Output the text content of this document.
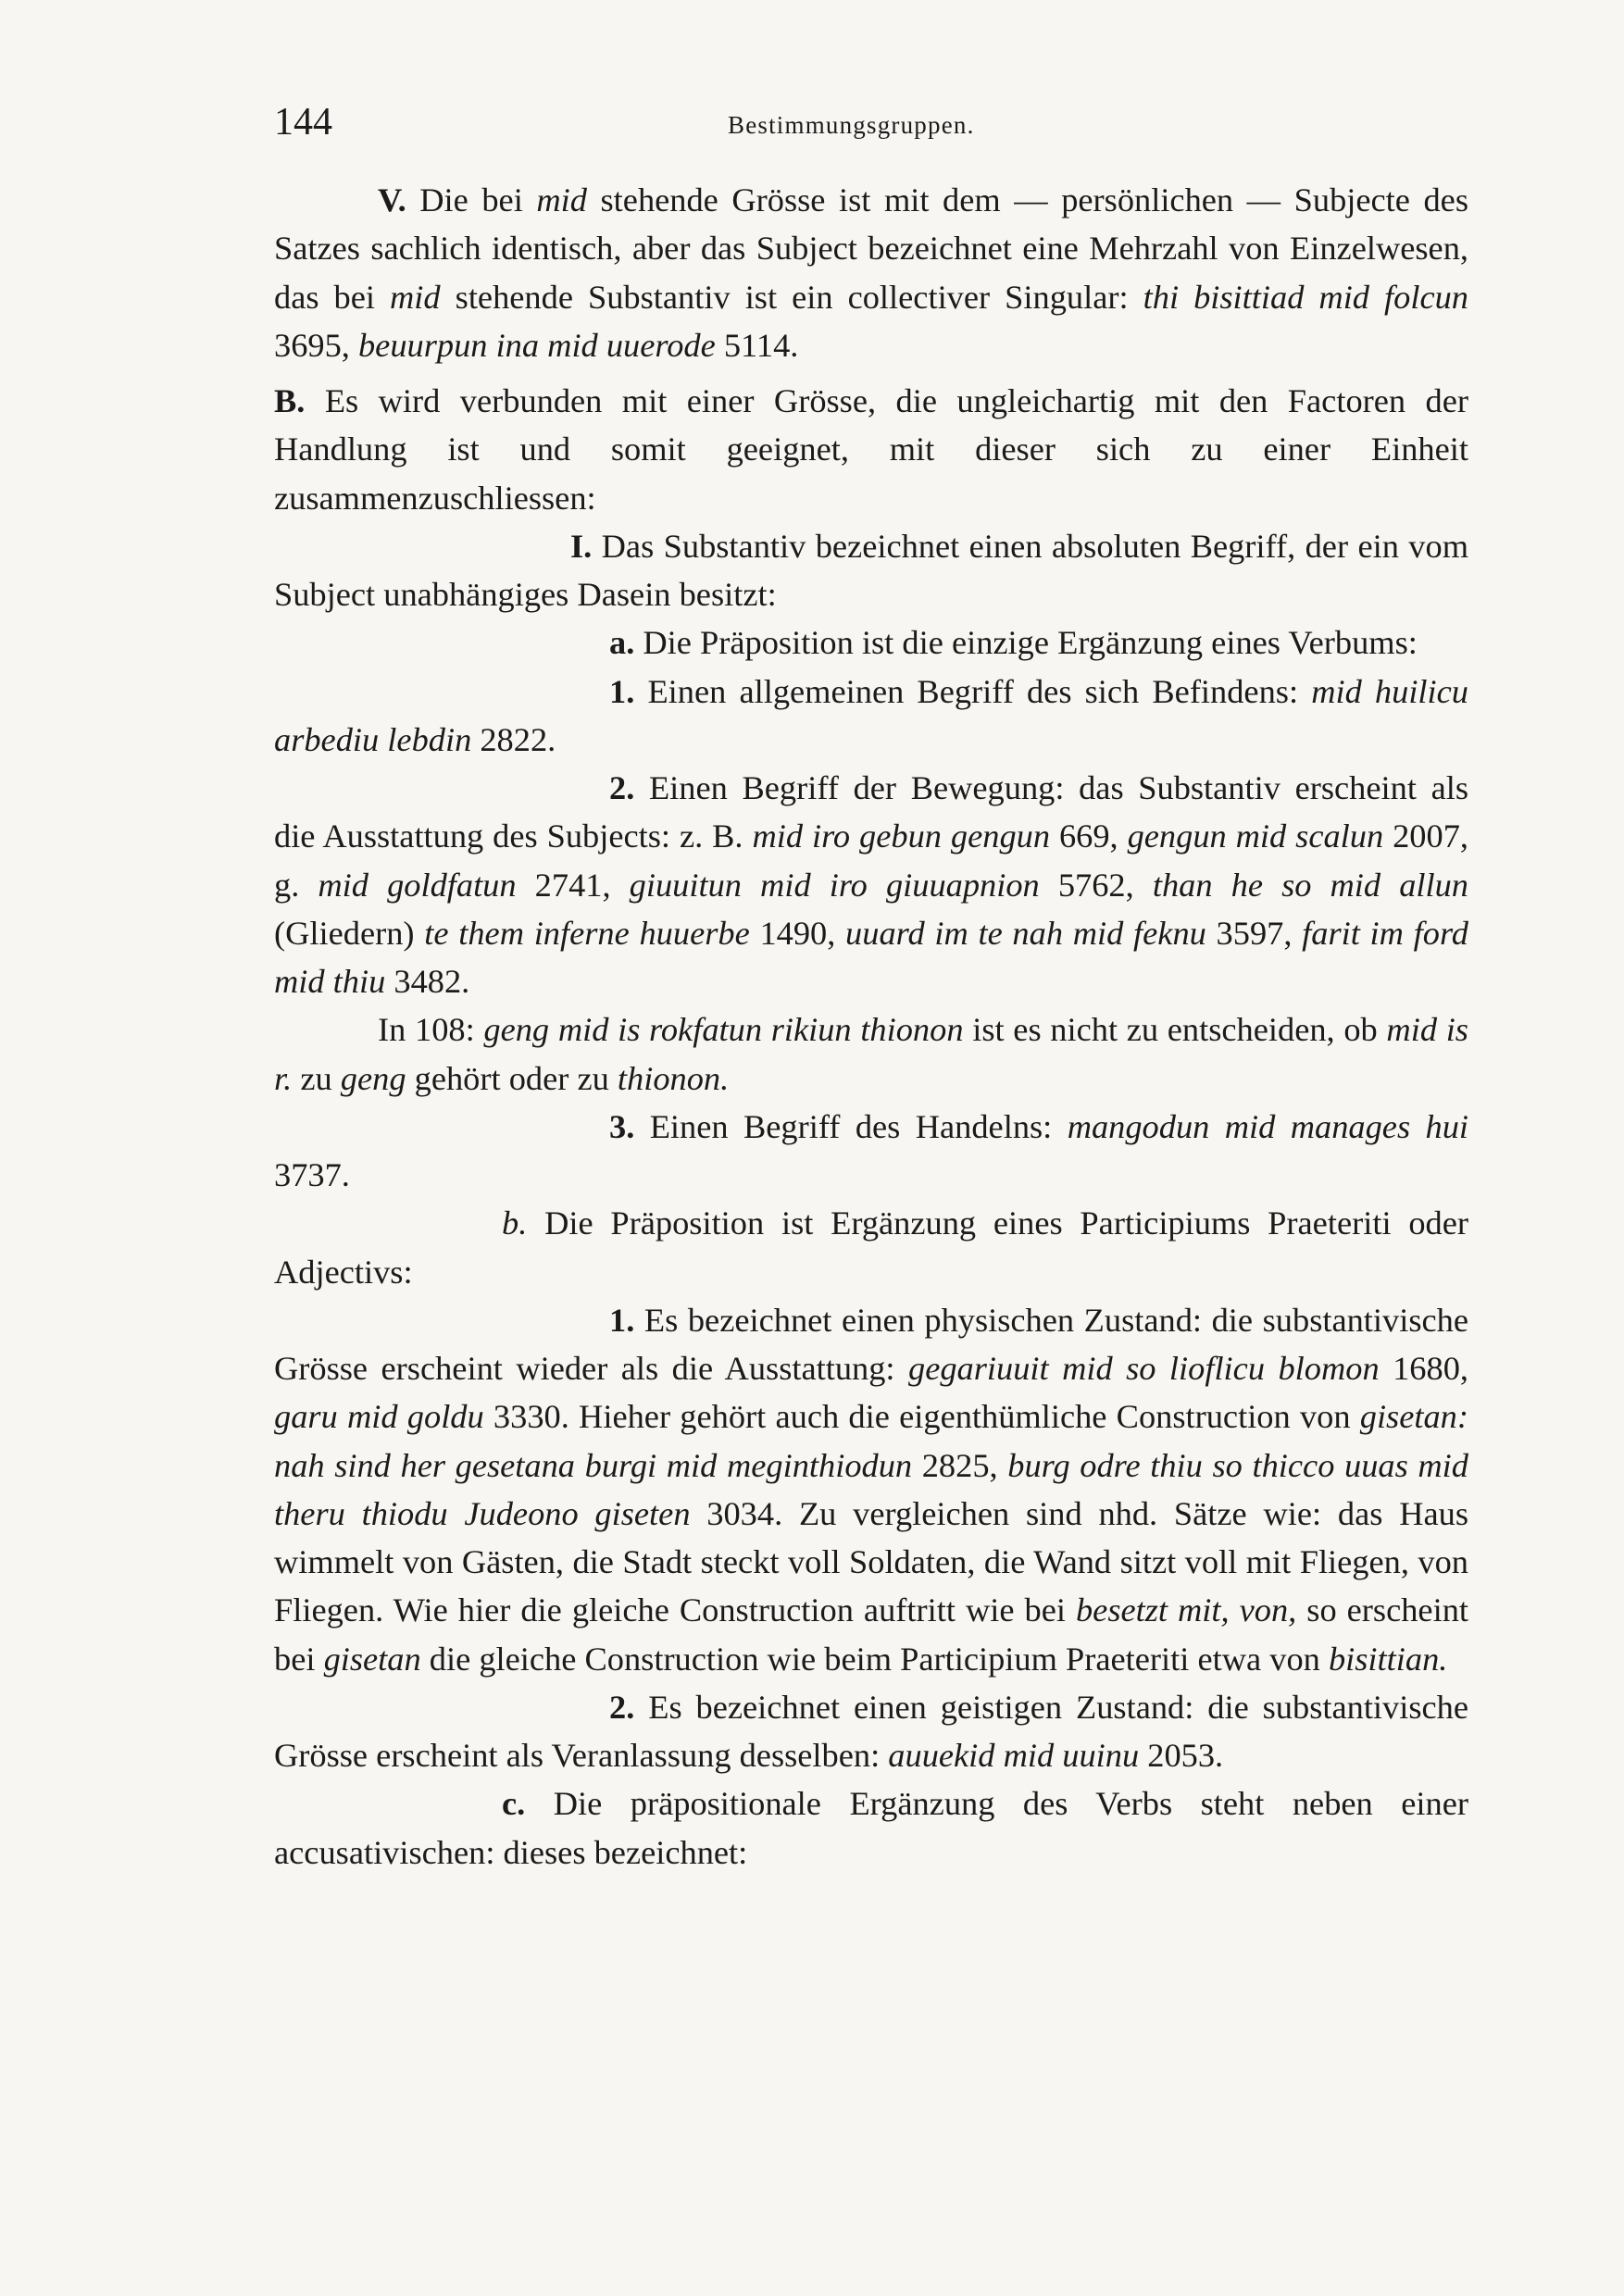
144	Bestimmungsgruppen.

V. Die bei mid stehende Grösse ist mit dem — persönlichen — Subjecte des Satzes sachlich identisch, aber das Subject bezeichnet eine Mehrzahl von Einzelwesen, das bei mid stehende Substantiv ist ein collectiver Singular: thi bisittiad mid folcun 3695, beuurpun ina mid uuerode 5114.

B. Es wird verbunden mit einer Grösse, die ungleichartig mit den Factoren der Handlung ist und somit geeignet, mit dieser sich zu einer Einheit zusammenzuschliessen:

I. Das Substantiv bezeichnet einen absoluten Begriff, der ein vom Subject unabhängiges Dasein besitzt:

a. Die Präposition ist die einzige Ergänzung eines Verbums:

1. Einen allgemeinen Begriff des sich Befindens: mid huilicu arbediu lebdin 2822.

2. Einen Begriff der Bewegung: das Substantiv erscheint als die Ausstattung des Subjects: z. B. mid iro gebun gengun 669, gengun mid scalun 2007, g. mid goldfatun 2741, giuuitun mid iro giuuapnion 5762, than he so mid allun (Gliedern) te them inferne huuerbe 1490, uuard im te nah mid feknu 3597, farit im ford mid thiu 3482.

In 108: geng mid is rokfatun rikiun thionon ist es nicht zu entscheiden, ob mid is r. zu geng gehört oder zu thionon.

3. Einen Begriff des Handelns: mangodun mid manages hui 3737.

b. Die Präposition ist Ergänzung eines Participiums Praeteriti oder Adjectivs:

1. Es bezeichnet einen physischen Zustand: die substantivische Grösse erscheint wieder als die Ausstattung: gegariuuit mid so lioflicu blomon 1680, garu mid goldu 3330. Hieher gehört auch die eigenthümliche Construction von gisetan: nah sind her gesetana burgi mid meginthiodun 2825, burg odre thiu so thicco uuas mid theru thiodu Judeono giseten 3034. Zu vergleichen sind nhd. Sätze wie: das Haus wimmelt von Gästen, die Stadt steckt voll Soldaten, die Wand sitzt voll mit Fliegen, von Fliegen. Wie hier die gleiche Construction auftritt wie bei besetzt mit, von, so erscheint bei gisetan die gleiche Construction wie beim Participium Praeteriti etwa von bisittian.

2. Es bezeichnet einen geistigen Zustand: die substantivische Grösse erscheint als Veranlassung desselben: auuekid mid uuinu 2053.

c. Die präpositionale Ergänzung des Verbs steht neben einer accusativischen: dieses bezeichnet:
